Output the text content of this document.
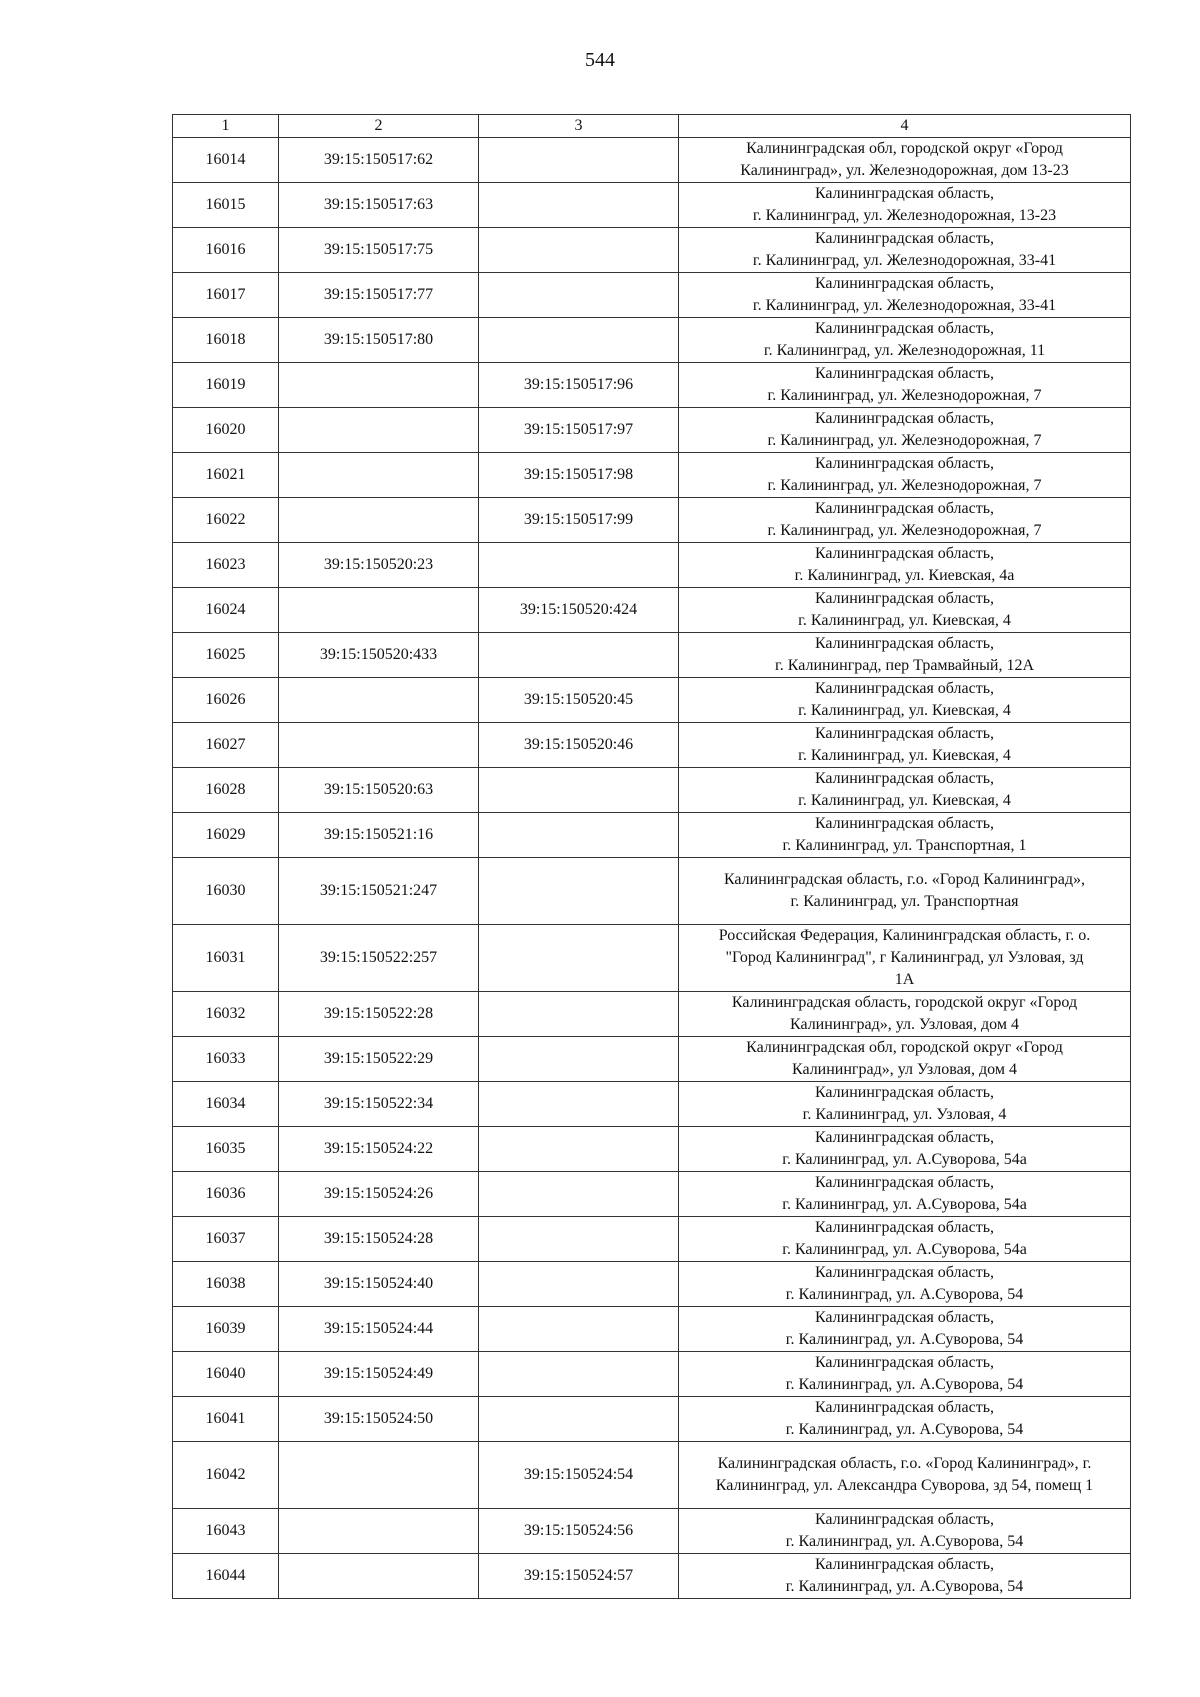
544
1	2	3	4
16014	39:15:150517:62		Калининградская обл, городской округ «Город
Калининград», ул. Железнодорожная, дом 13-23

16015	39:15:150517:63		Калининградская область,
г. Калининград, ул. Железнодорожная, 13-23

16016	39:15:150517:75		Калининградская область,
г. Калининград, ул. Железнодорожная, 33-41

16017	39:15:150517:77		Калининградская область,
г. Калининград, ул. Железнодорожная, 33-41

16018	39:15:150517:80		Калининградская область,
г. Калининград, ул. Железнодорожная, 11

16019		39:15:150517:96	Калининградская область,
г. Калининград, ул. Железнодорожная, 7

16020		39:15:150517:97	Калининградская область,
г. Калининград, ул. Железнодорожная, 7

16021		39:15:150517:98	Калининградская область,
г. Калининград, ул. Железнодорожная, 7

16022		39:15:150517:99	Калининградская область,
г. Калининград, ул. Железнодорожная, 7

16023	39:15:150520:23		Калининградская область,
г. Калининград, ул. Киевская, 4а

16024		39:15:150520:424	Калининградская область,
г. Калининград, ул. Киевская, 4

16025	39:15:150520:433		Калининградская область,
г. Калининград, пер Трамвайный, 12А

16026		39:15:150520:45	Калининградская область,
г. Калининград, ул. Киевская, 4

16027		39:15:150520:46	Калининградская область,
г. Калининград, ул. Киевская, 4

16028	39:15:150520:63		Калининградская область,
г. Калининград, ул. Киевская, 4

16029	39:15:150521:16		Калининградская область,
г. Калининград, ул. Транспортная, 1

16030	39:15:150521:247		Калининградская область, г.о. «Город Калининград»,
г. Калининград, ул. Транспортная

16031	39:15:150522:257		Российская Федерация, Калининградская область, г. о.
"Город Калининград", г Калининград, ул Узловая, зд
1А

16032	39:15:150522:28		Калининградская область, городской округ «Город
Калининград», ул. Узловая, дом 4

16033	39:15:150522:29		Калининградская обл, городской округ «Город
Калининград», ул Узловая, дом 4

16034	39:15:150522:34		Калининградская область,
г. Калининград, ул. Узловая, 4

16035	39:15:150524:22		Калининградская область,
г. Калининград, ул. А.Суворова, 54а

16036	39:15:150524:26		Калининградская область,
г. Калининград, ул. А.Суворова, 54а

16037	39:15:150524:28		Калининградская область,
г. Калининград, ул. А.Суворова, 54а

16038	39:15:150524:40		Калининградская область,
г. Калининград, ул. А.Суворова, 54

16039	39:15:150524:44		Калининградская область,
г. Калининград, ул. А.Суворова, 54

16040	39:15:150524:49		Калининградская область,
г. Калининград, ул. А.Суворова, 54

16041	39:15:150524:50		Калининградская область,
г. Калининград, ул. А.Суворова, 54

16042		39:15:150524:54	Калининградская область, г.о. «Город Калининград», г.
Калининград, ул. Александра Суворова, зд 54, помещ 1

16043		39:15:150524:56	Калининградская область,
г. Калининград, ул. А.Суворова, 54

16044		39:15:150524:57	Калининградская область,
г. Калининград, ул. А.Суворова, 54
